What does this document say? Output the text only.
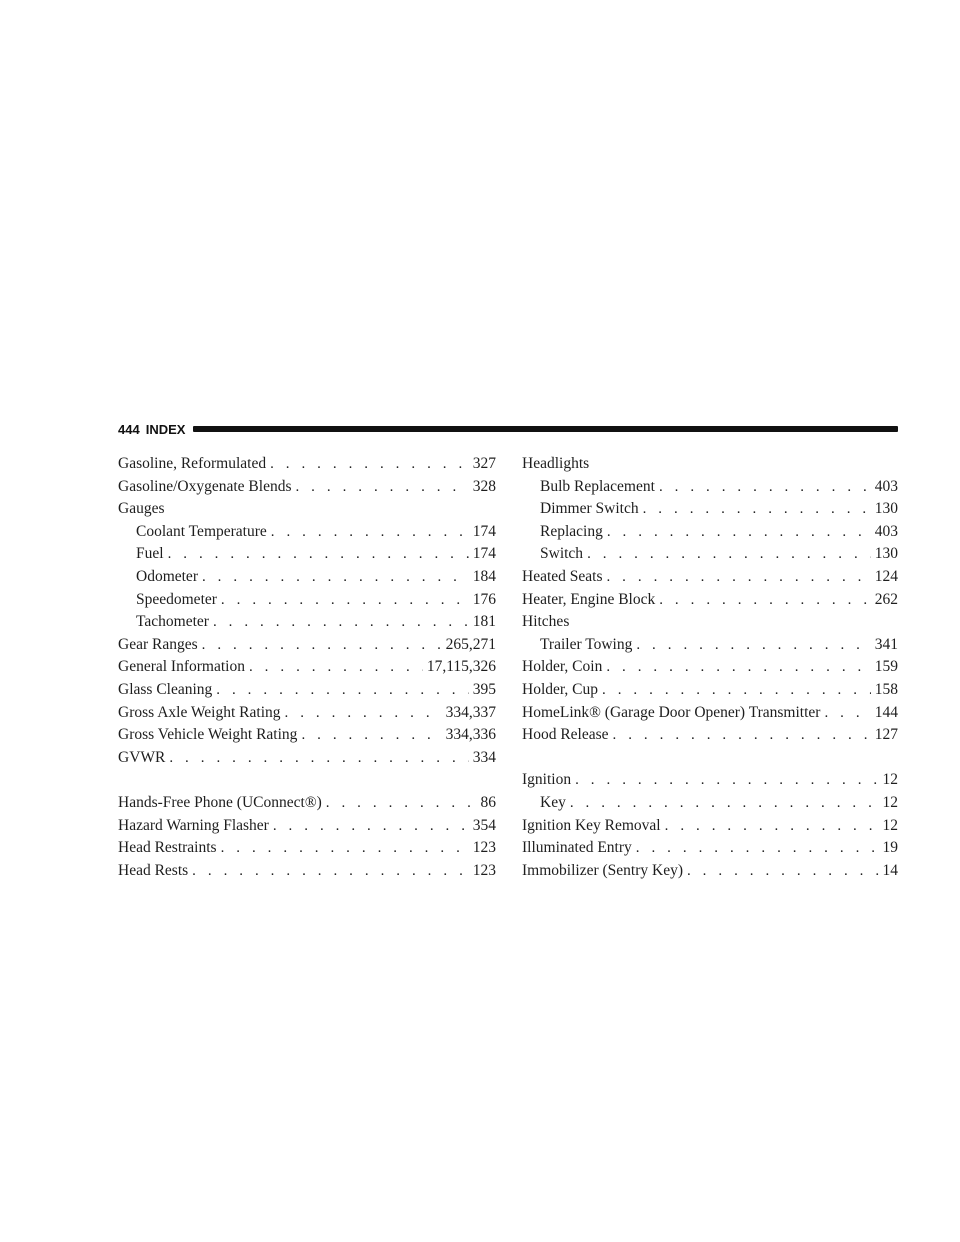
444 INDEX
Gasoline, Reformulated . . .	327
Gasoline/Oxygenate Blends . . .	328
Gauges
Coolant Temperature . . .	174
Fuel . . .	174
Odometer . . .	184
Speedometer . . .	176
Tachometer . . .	181
Gear Ranges . . .	265,271
General Information . . .	17,115,326
Glass Cleaning . . .	395
Gross Axle Weight Rating . . .	334,337
Gross Vehicle Weight Rating . . .	334,336
GVWR . . .	334
Hands-Free Phone (UConnect®) . . .	86
Hazard Warning Flasher . . .	354
Head Restraints . . .	123
Head Rests . . .	123
Headlights
Bulb Replacement . . .	403
Dimmer Switch . . .	130
Replacing . . .	403
Switch . . .	130
Heated Seats . . .	124
Heater, Engine Block . . .	262
Hitches
Trailer Towing . . .	341
Holder, Coin . . .	159
Holder, Cup . . .	158
HomeLink® (Garage Door Opener) Transmitter . . .	144
Hood Release . . .	127
Ignition . . .	12
Key . . .	12
Ignition Key Removal . . .	12
Illuminated Entry . . .	19
Immobilizer (Sentry Key) . . .	14
